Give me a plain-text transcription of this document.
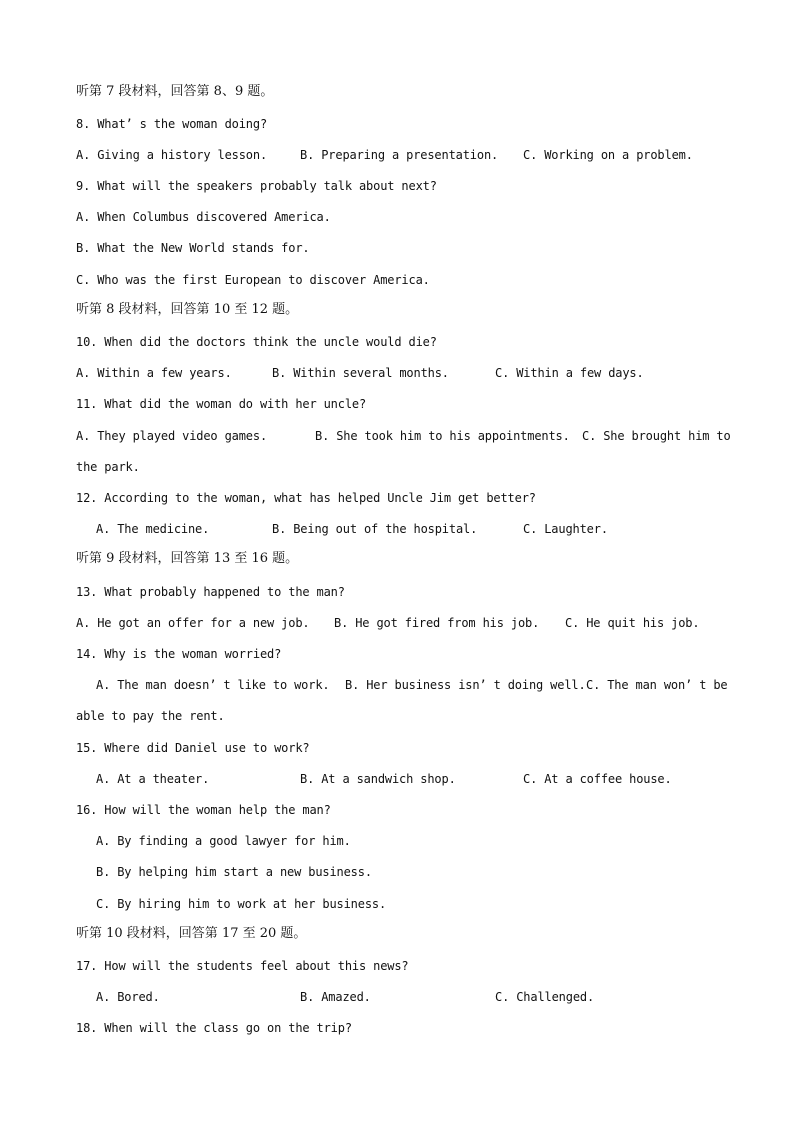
听第 7 段材料，回答第 8、9 题。
8. What’ s the woman doing?
A. Giving a history lesson.	B. Preparing a presentation. C. Working on a problem.
9. What will the speakers probably talk about next?
A. When Columbus discovered America.
B. What the New World stands for.
C. Who was the first European to discover America.
听第 8 段材料，回答第 10 至 12 题。
10. When did the doctors think the uncle would die?
A. Within a few years.	B. Within several months.	C. Within a few days.
11. What did the woman do with her uncle?
A. They played video games.	B. She took him to his appointments. C. She brought him to
the park.
12. According to the woman, what has helped Uncle Jim get better?
A. The medicine.	B. Being out of the hospital.	C. Laughter.
听第 9 段材料，回答第 13 至 16 题。
13. What probably happened to the man?
A. He got an offer for a new job. B. He got fired from his job. C. He quit his job.
14. Why is the woman worried?
A. The man doesn’ t like to work. B. Her business isn’ t doing well. C. The man won’ t be
able to pay the rent.
15. Where did Daniel use to work?
A. At a theater.	B. At a sandwich shop.	C. At a coffee house.
16. How will the woman help the man?
A. By finding a good lawyer for him.
B. By helping him start a new business.
C. By hiring him to work at her business.
听第 10 段材料，回答第 17 至 20 题。
17. How will the students feel about this news?
A. Bored.	B. Amazed.	C. Challenged.
18. When will the class go on the trip?
